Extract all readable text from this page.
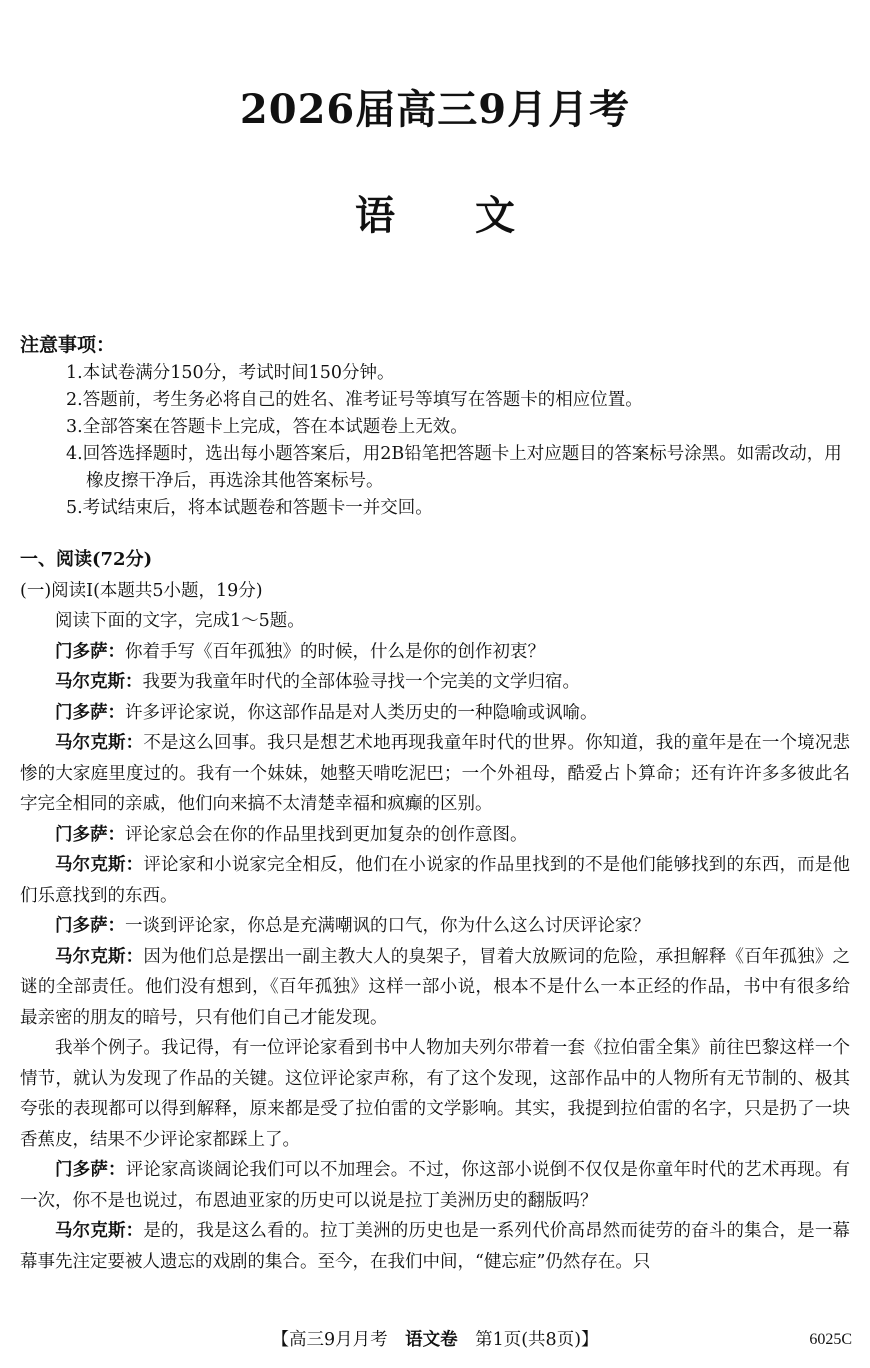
2026届高三9月月考
语文

注意事项：

1.本试卷满分150分，考试时间150分钟。
2.答题前，考生务必将自己的姓名、准考证号等填写在答题卡的相应位置。
3.全部答案在答题卡上完成，答在本试题卷上无效。
4.回答选择题时，选出每小题答案后，用2B铅笔把答题卡上对应题目的答案标号涂黑。如需改动，用橡皮擦干净后，再选涂其他答案标号。
5.考试结束后，将本试题卷和答题卡一并交回。

一、阅读(72分)

(一)阅读Ⅰ(本题共5小题，19分)

阅读下面的文字，完成1～5题。

门多萨：你着手写《百年孤独》的时候，什么是你的创作初衷？

马尔克斯：我要为我童年时代的全部体验寻找一个完美的文学归宿。

门多萨：许多评论家说，你这部作品是对人类历史的一种隐喻或讽喻。

马尔克斯：不是这么回事。我只是想艺术地再现我童年时代的世界。你知道，我的童年是在一个境况悲惨的大家庭里度过的。我有一个妹妹，她整天啃吃泥巴；一个外祖母，酷爱占卜算命；还有许许多多彼此名字完全相同的亲戚，他们向来搞不太清楚幸福和疯癫的区别。

门多萨：评论家总会在你的作品里找到更加复杂的创作意图。

马尔克斯：评论家和小说家完全相反，他们在小说家的作品里找到的不是他们能够找到的东西，而是他们乐意找到的东西。

门多萨：一谈到评论家，你总是充满嘲讽的口气，你为什么这么讨厌评论家？

马尔克斯：因为他们总是摆出一副主教大人的臭架子，冒着大放厥词的危险，承担解释《百年孤独》之谜的全部责任。他们没有想到，《百年孤独》这样一部小说，根本不是什么一本正经的作品，书中有很多给最亲密的朋友的暗号，只有他们自己才能发现。

我举个例子。我记得，有一位评论家看到书中人物加夫列尔带着一套《拉伯雷全集》前往巴黎这样一个情节，就认为发现了作品的关键。这位评论家声称，有了这个发现，这部作品中的人物所有无节制的、极其夸张的表现都可以得到解释，原来都是受了拉伯雷的文学影响。其实，我提到拉伯雷的名字，只是扔了一块香蕉皮，结果不少评论家都踩上了。

门多萨：评论家高谈阔论我们可以不加理会。不过，你这部小说倒不仅仅是你童年时代的艺术再现。有一次，你不是也说过，布恩迪亚家的历史可以说是拉丁美洲历史的翻版吗？

马尔克斯：是的，我是这么看的。拉丁美洲的历史也是一系列代价高昂然而徒劳的奋斗的集合，是一幕幕事先注定要被人遗忘的戏剧的集合。至今，在我们中间，“健忘症”仍然存在。只

【高三9月月考　语文卷　第1页(共8页)】	6025C
